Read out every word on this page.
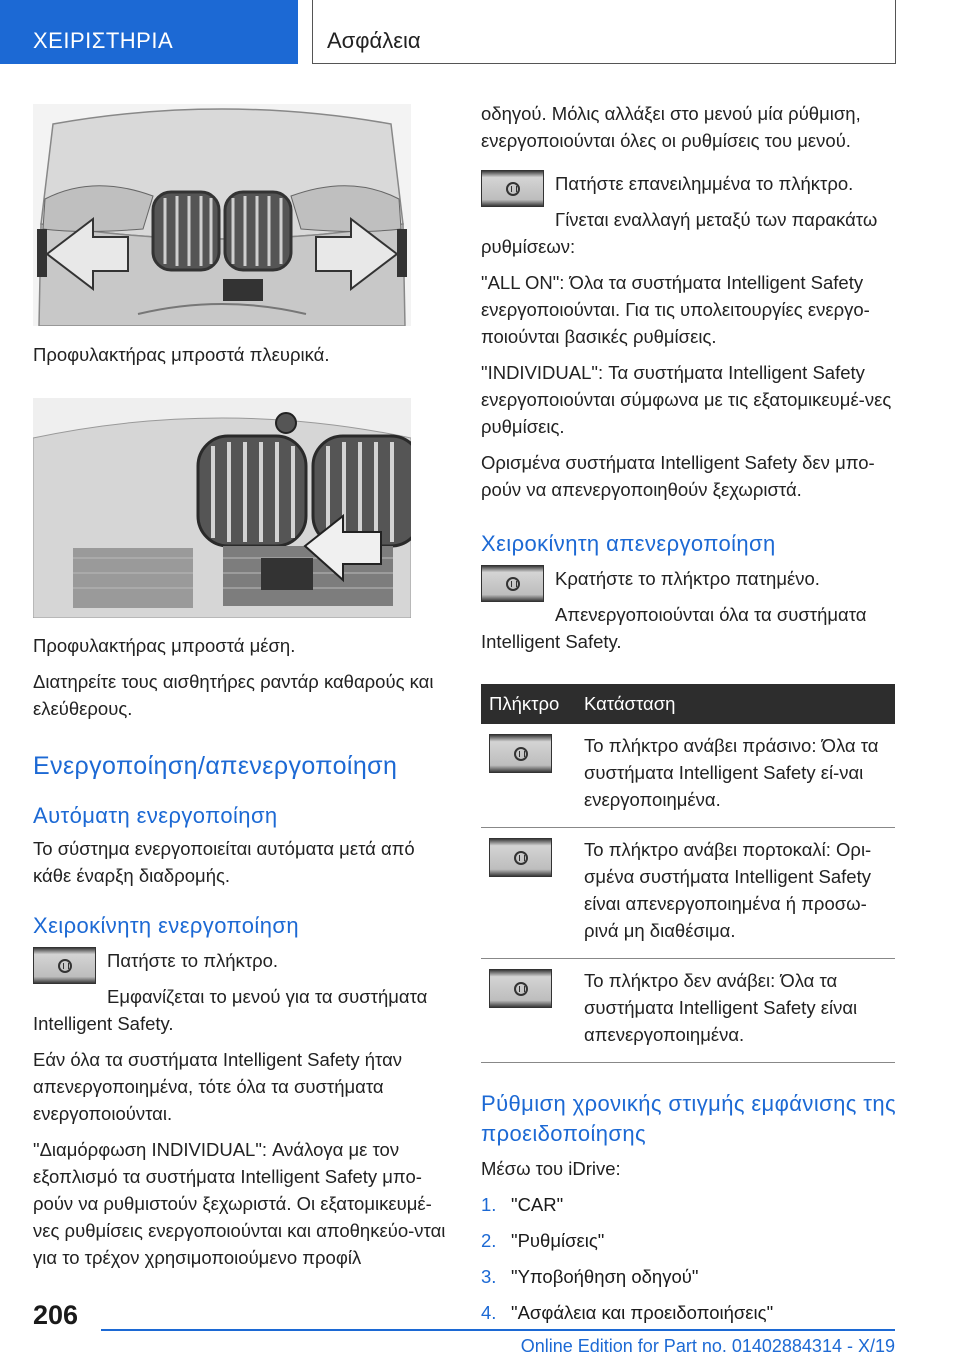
ΧΕΙΡΙΣΤΗΡΙΑ	Ασφάλεια

Προφυλακτήρας μπροστά πλευρικά.

Προφυλακτήρας μπροστά μέση.

Διατηρείτε τους αισθητήρες ραντάρ καθαρούς και ελεύθερους.

Ενεργοποίηση/απενεργοποίηση
Αυτόματη ενεργοποίηση

Το σύστημα ενεργοποιείται αυτόματα μετά από κάθε έναρξη διαδρομής.

Χειροκίνητη ενεργοποίηση

Πατήστε το πλήκτρο.

Εμφανίζεται το μενού για τα συστήματα Intelligent Safety.

Εάν όλα τα συστήματα Intelligent Safety ήταν απενεργοποιημένα, τότε όλα τα συστήματα ενεργοποιούνται.

"Διαμόρφωση INDIVIDUAL": Ανάλογα με τον εξοπλισμό τα συστήματα Intelligent Safety μπο-ρούν να ρυθμιστούν ξεχωριστά. Οι εξατομικευμέ-νες ρυθμίσεις ενεργοποιούνται και αποθηκεύο-νται για το τρέχον χρησιμοποιούμενο προφίλ

οδηγού. Μόλις αλλάξει στο μενού μία ρύθμιση, ενεργοποιούνται όλες οι ρυθμίσεις του μενού.

Πατήστε επανειλημμένα το πλήκτρο.

Γίνεται εναλλαγή μεταξύ των παρακάτω ρυθμίσεων:

"ALL ON": Όλα τα συστήματα Intelligent Safety ενεργοποιούνται. Για τις υπολειτουργίες ενεργο-ποιούνται βασικές ρυθμίσεις.

"INDIVIDUAL": Τα συστήματα Intelligent Safety ενεργοποιούνται σύμφωνα με τις εξατομικευμέ-νες ρυθμίσεις.

Ορισμένα συστήματα Intelligent Safety δεν μπο-ρούν να απενεργοποιηθούν ξεχωριστά.

Χειροκίνητη απενεργοποίηση

Κρατήστε το πλήκτρο πατημένο.

Απενεργοποιούνται όλα τα συστήματα Intelligent Safety.

Πλήκτρο	Κατάσταση

	Το πλήκτρο ανάβει πράσινο: Όλα τα συστήματα Intelligent Safety εί-ναι ενεργοποιημένα.

	Το πλήκτρο ανάβει πορτοκαλί: Ορι-σμένα συστήματα Intelligent Safety είναι απενεργοποιημένα ή προσω-ρινά μη διαθέσιμα.

	Το πλήκτρο δεν ανάβει: Όλα τα συστήματα Intelligent Safety είναι απενεργοποιημένα.
Ρύθμιση χρονικής στιγμής εμφάνισης της προειδοποίησης

Μέσω του iDrive:

1. "CAR"
2. "Ρυθμίσεις"
3. "Υποβοήθηση οδηγού"
4. "Ασφάλεια και προειδοποιήσεις"
206
Online Edition for Part no. 01402884314 - X/19
